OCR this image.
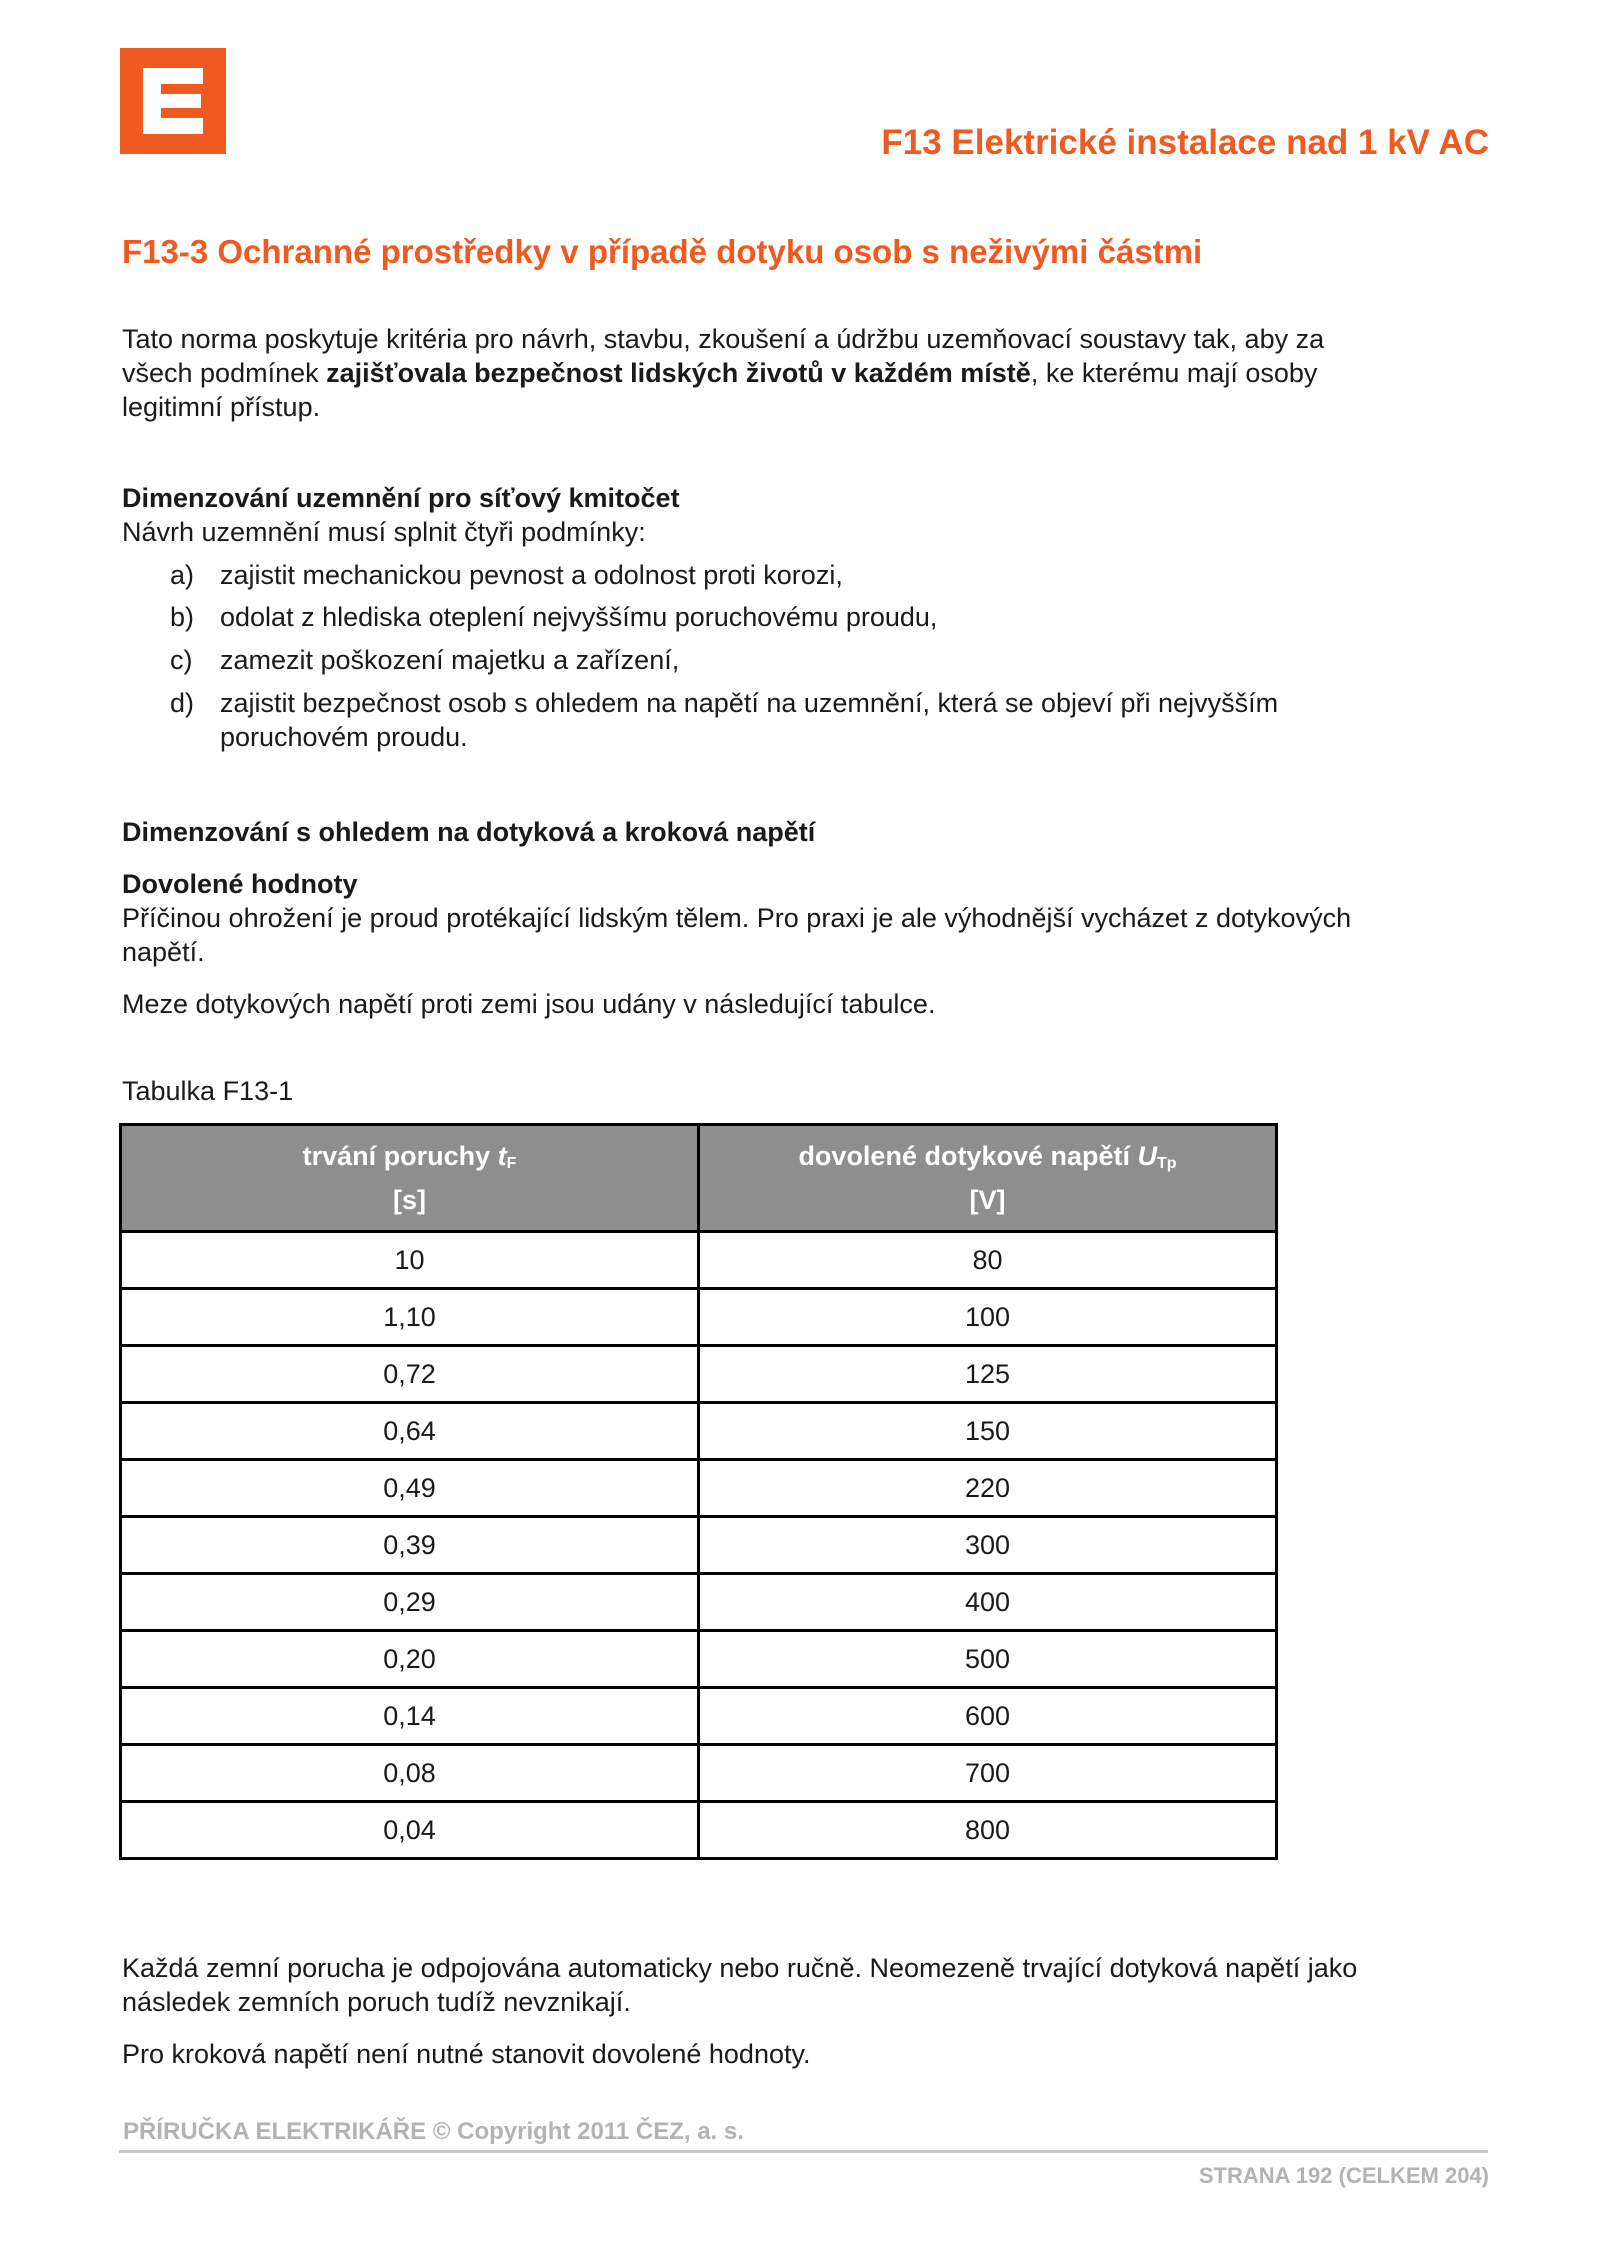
F13 Elektrické instalace nad 1 kV AC
F13-3 Ochranné prostředky v případě dotyku osob s neživými částmi

Tato norma poskytuje kritéria pro návrh, stavbu, zkoušení a údržbu uzemňovací soustavy tak, aby za
všech podmínek zajišťovala bezpečnost lidských životů v každém místě, ke kterému mají osoby
legitimní přístup.

Dimenzování uzemnění pro síťový kmitočet

Návrh uzemnění musí splnit čtyři podmínky:

a) zajistit mechanickou pevnost a odolnost proti korozi,
b) odolat z hlediska oteplení nejvyššímu poruchovému proudu,
c)	zamezit poškození majetku a zařízení,
d) zajistit bezpečnost osob s ohledem na napětí na uzemnění, která se objeví při nejvyšším
poruchovém proudu.

Dimenzování s ohledem na dotyková a kroková napětí

Dovolené hodnoty

Příčinou ohrožení je proud protékající lidským tělem. Pro praxi je ale výhodnější vycházet z dotykových
napětí.

Meze dotykových napětí proti zemi jsou udány v následující tabulce.

Tabulka F13-1

trvání poruchy $t_F$
[s]	dovolené dotykové napětí $U_{Tp}$
[V]
10	80
1,10	100
0,72	125
0,64	150
0,49	220
0,39	300
0,29	400
0,20	500
0,14	600
0,08	700
0,04	800

Každá zemní porucha je odpojována automaticky nebo ručně. Neomezeně trvající dotyková napětí jako
následek zemních poruch tudíž nevznikají.

Pro kroková napětí není nutné stanovit dovolené hodnoty.

PŘÍRUČKA ELEKTRIKÁŘE © Copyright 2011 ČEZ, a. s.
STRANA 192 (CELKEM 204)
